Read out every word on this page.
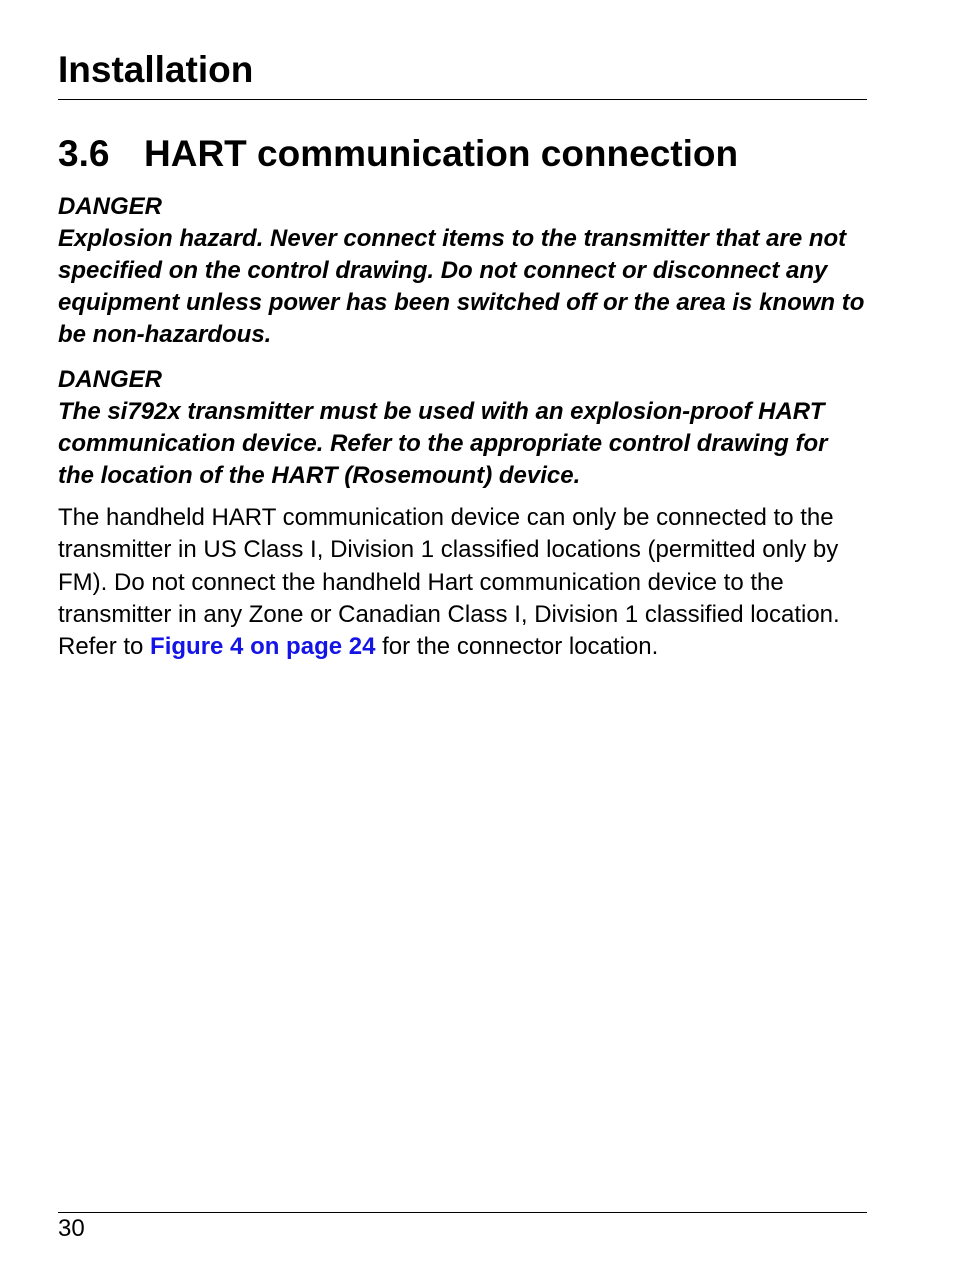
Installation
3.6 HART communication connection
DANGER
Explosion hazard. Never connect items to the transmitter that are not specified on the control drawing. Do not connect or disconnect any equipment unless power has been switched off or the area is known to be non-hazardous.
DANGER
The si792x transmitter must be used with an explosion-proof HART communication device. Refer to the appropriate control drawing for the location of the HART (Rosemount) device.

The handheld HART communication device can only be connected to the transmitter in US Class I, Division 1 classified locations (permitted only by FM). Do not connect the handheld Hart communication device to the transmitter in any Zone or Canadian Class I, Division 1 classified location. Refer to Figure 4 on page 24 for the connector location.

30
